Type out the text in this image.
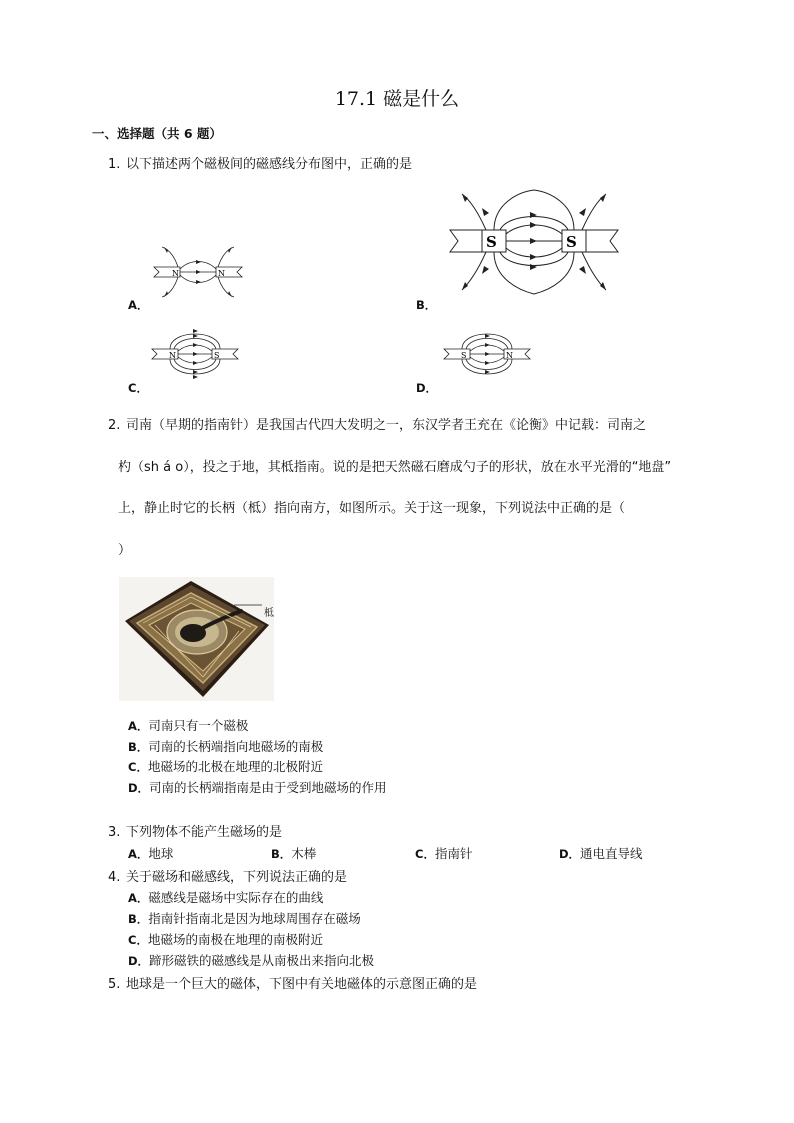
17.1 磁是什么
一、选择题（共 6 题）
1. 以下描述两个磁极间的磁感线分布图中，正确的是
N	N
A．
S	S
B．
N	S
C．
S	N
D．
2. 司南（早期的指南针）是我国古代四大发明之一，东汉学者王充在《论衡》中记载：司南之
杓（sh á o），投之于地，其柢指南。说的是把天然磁石磨成勺子的形状，放在水平光滑的“地盘”
上，静止时它的长柄（柢）指向南方，如图所示。关于这一现象，下列说法中正确的是（
）
柢
A．司南只有一个磁极
B．司南的长柄端指向地磁场的南极
C．地磁场的北极在地理的北极附近
D．司南的长柄端指南是由于受到地磁场的作用
3. 下列物体不能产生磁场的是
A．地球	B．木棒	C．指南针	D．通电直导线
4. 关于磁场和磁感线，下列说法正确的是
A．磁感线是磁场中实际存在的曲线
B．指南针指南北是因为地球周围存在磁场
C．地磁场的南极在地理的南极附近
D．蹄形磁铁的磁感线是从南极出来指向北极
5. 地球是一个巨大的磁体，下图中有关地磁体的示意图正确的是
